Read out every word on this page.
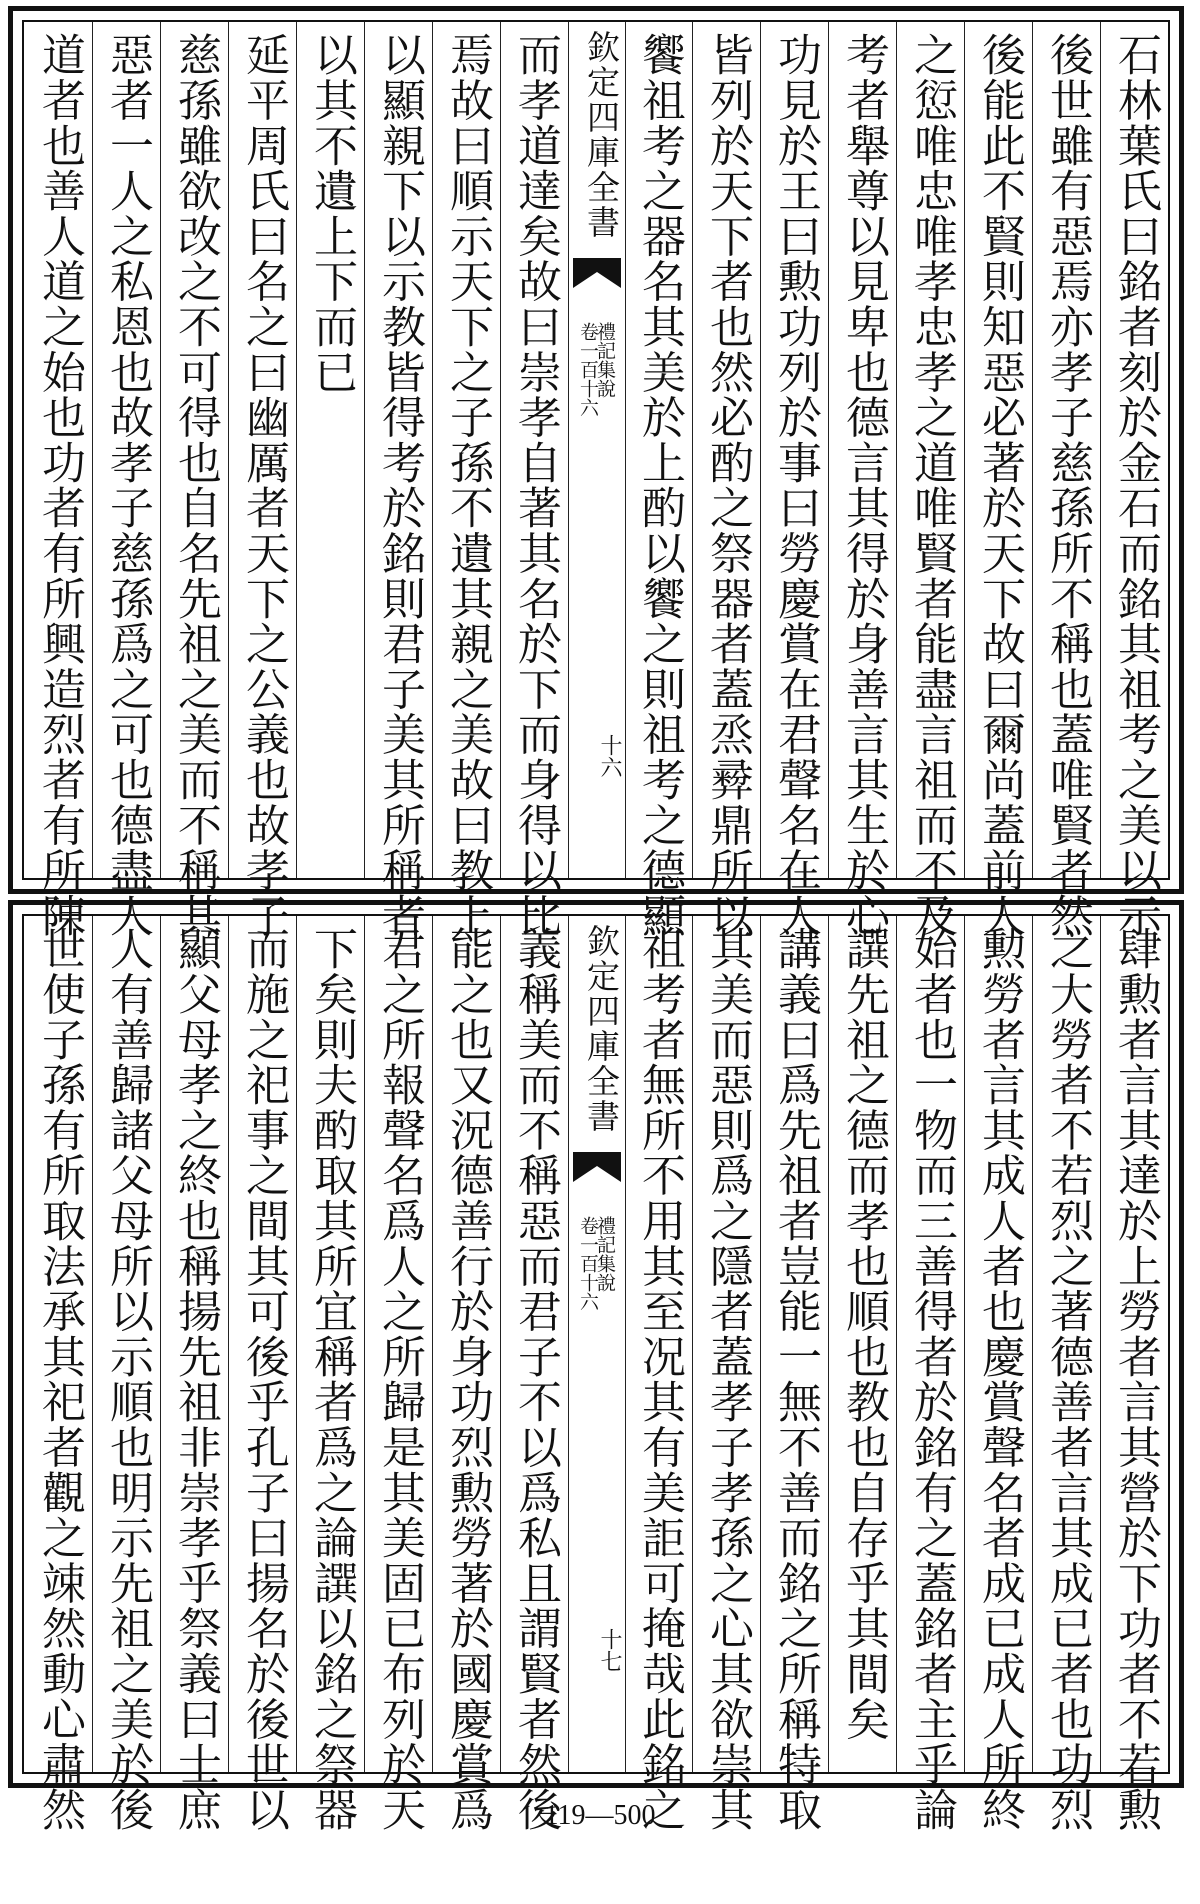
道者也善人道之始也功者有所興造烈者有所陳 惡者一人之私恩也故孝子慈孫爲之可也德盡人 慈孫雖欲改之不可得也自名先祖之美而不稱其 延平周氏曰名之曰幽厲者天下之公義也故孝子 以其不遺上下而已 以顯親下以示教皆得考於銘則君子美其所稱者 焉故曰順示天下之子孫不遺其親之美故曰教上 而孝道達矣故曰崇孝自著其名於下而身得以比 欽定四庫全書
禮記集說
卷一百十六
十六 饗祖考之器名其美於上酌以饗之則祖考之德顯 皆列於天下者也然必酌之祭器者蓋烝彛鼎所以 功見於王曰勲功列於事曰勞慶賞在君聲名在人 考者舉尊以見卑也德言其得於身善言其生於心 之愆唯忠唯孝忠孝之道唯賢者能盡言祖而不及 後能此不賢則知惡必著於天下故曰爾尚蓋前人 後世雖有惡焉亦孝子慈孫所不稱也蓋唯賢者然 石林葉氏曰銘者刻於金石而銘其祖考之美以示
世使子孫有所取法承其祀者觀之竦然動心肅然 人有善歸諸父母所以示順也明示先祖之美於後 顯父母孝之終也稱揚先祖非崇孝乎祭義曰士庶 而施之祀事之間其可後乎孔子曰揚名於後世以 下矣則夫酌取其所宜稱者爲之論譔以銘之祭器 君之所報聲名爲人之所歸是其美固已布列於天 能之也又況德善行於身功烈勲勞著於國慶賞爲 義稱美而不稱惡而君子不以爲私且謂賢者然後 欽定四庫全書
禮記集說
卷一百十六
十七 祖考者無所不用其至况其有美詎可掩哉此銘之 其美而惡則爲之隱者蓋孝子孝孫之心其欲崇其 講義曰爲先祖者豈能一無不善而銘之所稱特取 譔先祖之德而孝也順也教也自存乎其間矣 始者也一物而三善得者於銘有之蓋銘者主乎論 勲勞者言其成人者也慶賞聲名者成已成人所終 之大勞者不若烈之著德善者言其成已者也功烈 肆勲者言其達於上勞者言其營於下功者不若勲
119—500
